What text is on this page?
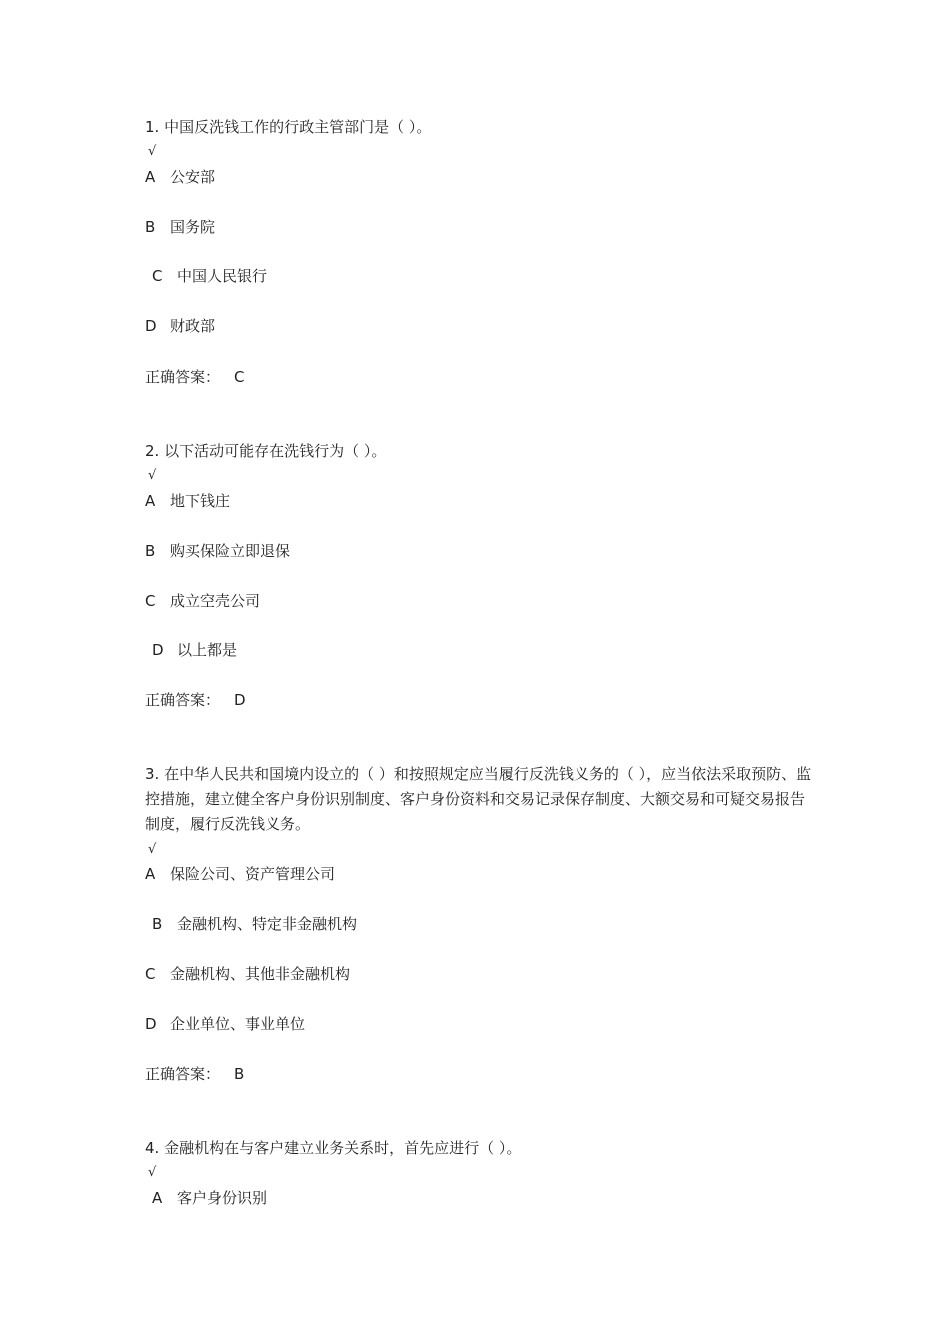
1. 中国反洗钱工作的行政主管部门是（ ）。
√
A 公安部
B 国务院
C 中国人民银行
D 财政部
正确答案： C
2. 以下活动可能存在洗钱行为（ ）。
√
A 地下钱庄
B 购买保险立即退保
C 成立空壳公司
D 以上都是
正确答案： D
3. 在中华人民共和国境内设立的（ ）和按照规定应当履行反洗钱义务的（ ），应当依法采取预防、监控措施，建立健全客户身份识别制度、客户身份资料和交易记录保存制度、大额交易和可疑交易报告制度，履行反洗钱义务。
√
A 保险公司、资产管理公司
B 金融机构、特定非金融机构
C 金融机构、其他非金融机构
D 企业单位、事业单位
正确答案： B
4. 金融机构在与客户建立业务关系时，首先应进行（ ）。
√
A 客户身份识别
